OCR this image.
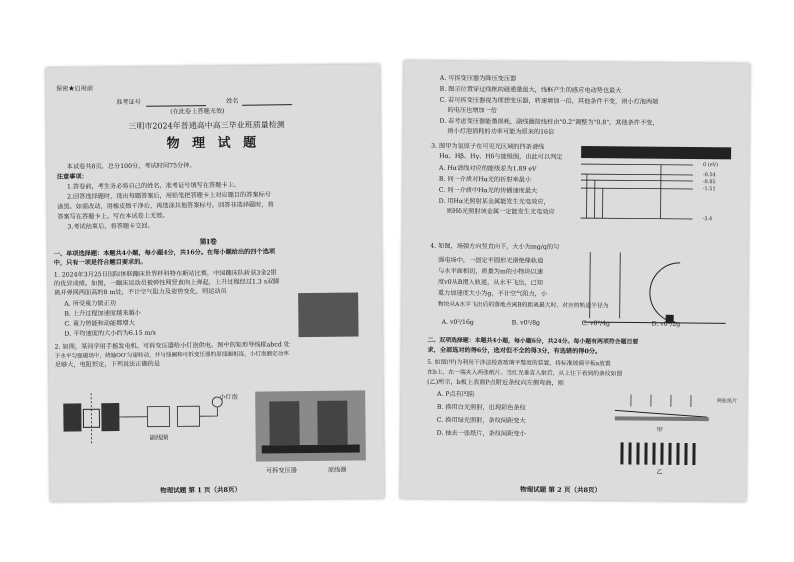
保密★启用前
准考证号	姓名
(在此卷上答题无效)
三明市2024年普通高中高三毕业班质量检测
物 理 试 题
本试卷共8页，总分100分，考试时间75分钟。
注意事项：
1.答卷前，考生务必将自己的姓名、准考证号填写在答题卡上。
2.回答选择题时，选出每题答案后，用铅笔把答题卡上对应题目的答案标号
涂黑。如需改动，用橡皮擦干净后，再选涂其他答案标号。回答非选择题时，将
答案写在答题卡上。写在本试卷上无效。
3.考试结束后，将答题卡交回。
第Ⅰ卷
一、单项选择题：本题共4小题，每小题4分，共16分。在每小题给出的四个选项
中，只有一项是符合题目要求的。
1. 2024年3月25日国际体联蹦床世界杯科特布斯站比赛，中国蹦床队斩获3金2银
的优异成绩。如图，一蹦床运动员被弹性网竖直向上弹起，上升过程经过1.3 s双脚
离开弹网两面高的8 m处，不计空气阻力及姿势变化，则运动员
A. 所受重力做正功
B. 上升过程加速度越来越小
C. 重力势能和动能都增大
D. 平均速度的大小约为6.15 m/s
2. 如图，某同学用手摇发电机、可拆变压器给小灯泡供电。图中的矩形导线框abcd 处
于水平匀强磁场中，绕轴OO′匀速转动，并与线圈和可拆变压器的原线圈相连，小灯泡额定功率
足够大，电阻恒定，下列说法正确的是
小灯泡
副线圈
可拆变压器	原线圈
物理试题 第 1 页（共8页）
A. 可拆变压器为降压变压器
B. 图示位置穿过线框的磁通量最大，线框产生的感应电动势也最大
C. 若可拆变压器视为理想变压器，转速增加一倍，其他条件不变，则小灯泡两端
的电压也增加一倍
D. 若考虑变压器能量损耗，副线圈接线柱由"0.2"调整为"0.8"，其他条件不变，
则小灯泡消耗的功率可能为原来的16倍
3. 图甲为氢原子在可见光区域的四条谱线
Hα、Hβ、Hγ、Hδ与能级图，由此可以判定
A. Hα谱线对应的能级差为1.89 eV
B. 同一介质对Hα光的折射率最小
C. 同一介质中Hα光的传播速度最大
D. 用Hα光照射某金属能发生光电效应，
则Hδ光照射该金属一定能发生光电效应
0 (eV)
-0.54
-0.85
-1.51
-3.4
4. 如图，场强方向竖直向下，大小为mg/q的匀
强电场中，一固定半圆形光滑绝缘轨道
与水平面相切，质量为m的小物块以速
度v0从B滑入轨道，从水平飞出，已知
重力加速度大小为g，不计空气阻力，小
物块从A水平飞出后的落地点离B的距离最大时，对应的轨道半径为
A. v0²/16g	B. v0²/8g	C. v0²/4g	D. v0²/2g
二、双项选择题：本题共4小题，每小题6分，共24分。每小题有两项符合题目要
求，全部选对的得6分，选对但不全的得3分，有选错的得0分。
5. 如图(甲)为利用干涉法检查玻璃平整度的装置，将标准玻璃平板a放置
在b上，在一端夹入两张纸片。当红光垂直入射后，从上往下看到的条纹如图
(乙)所示，b板上表面P点附近条纹向左侧弯曲，则
A. P点有凹陷
B. 换用白光照射，出现彩色条纹
C. 换用绿光照射，条纹间距变大
D. 抽去一张纸片，条纹间距变小
两张纸片
甲
乙
物理试题 第 2 页（共8页）
